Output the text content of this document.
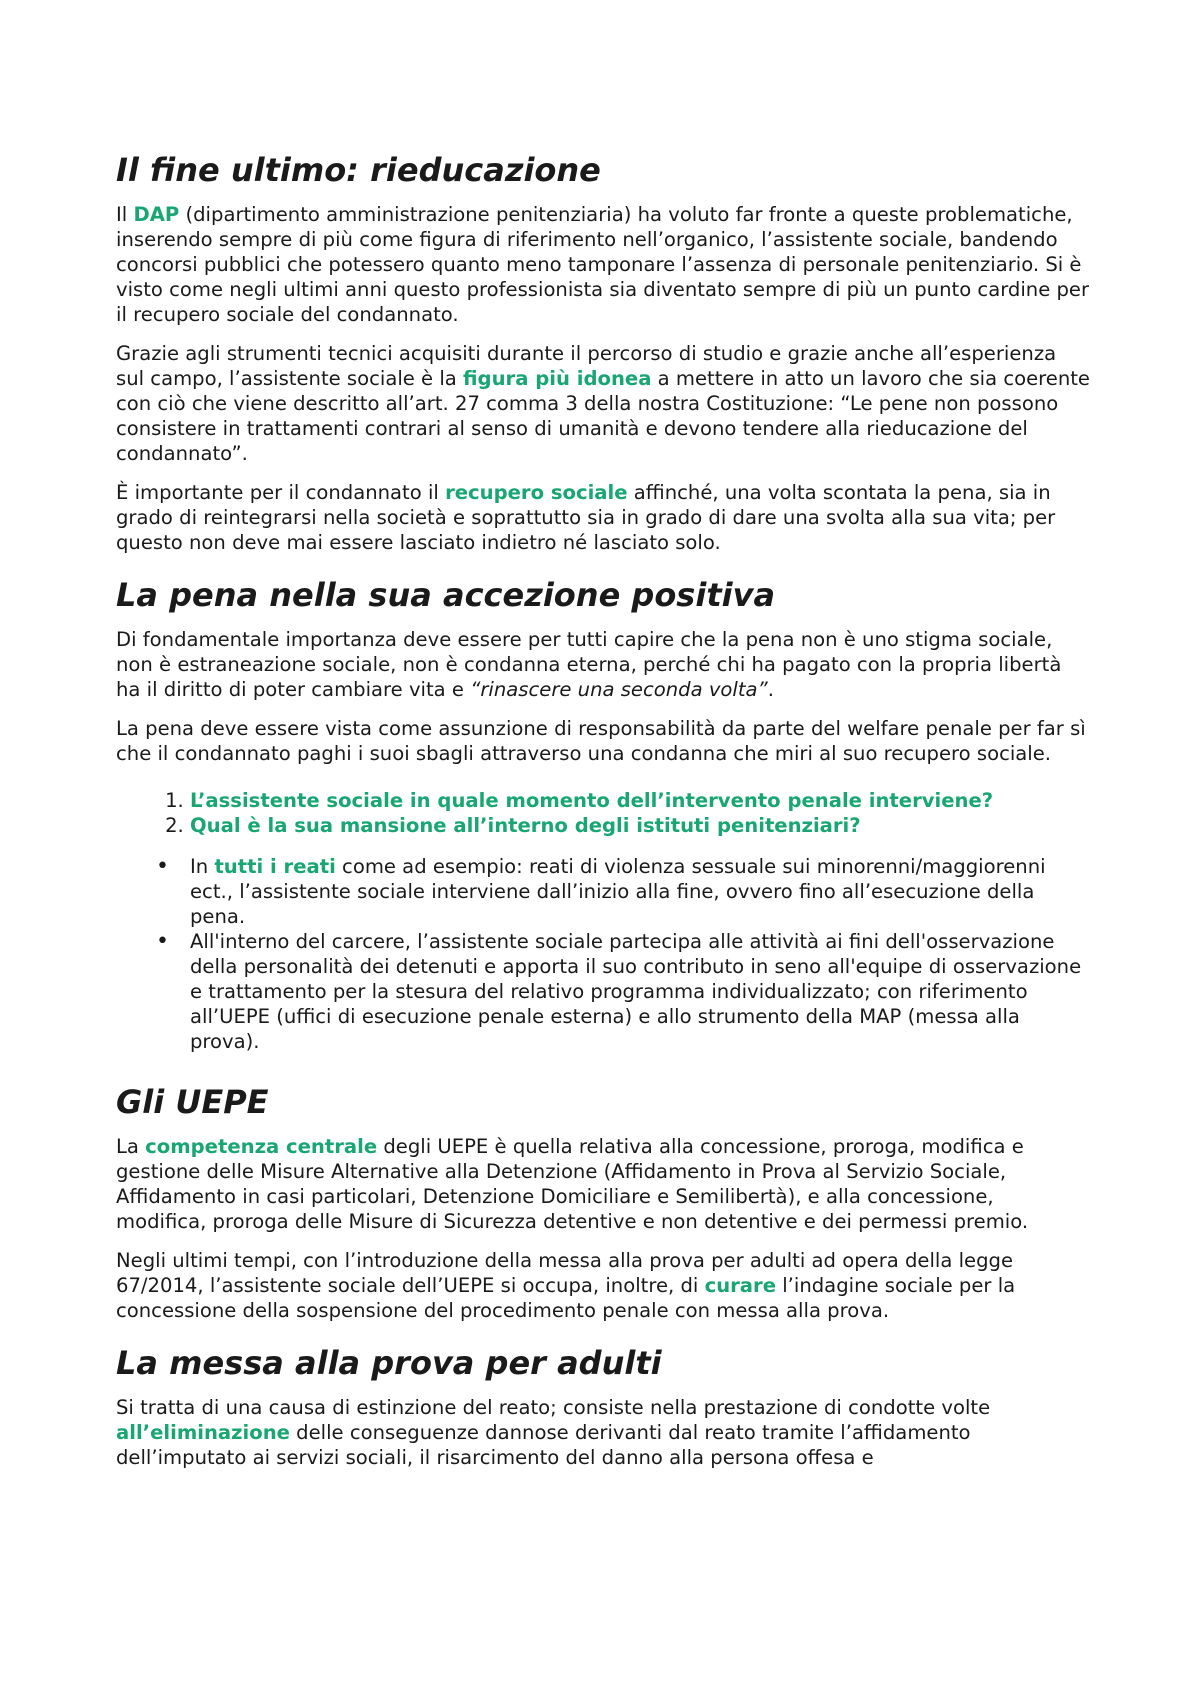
Il fine ultimo: rieducazione

Il DAP (dipartimento amministrazione penitenziaria) ha voluto far fronte a queste problematiche, inserendo sempre di più come figura di riferimento nell’organico, l’assistente sociale, bandendo concorsi pubblici che potessero quanto meno tamponare l’assenza di personale penitenziario. Si è visto come negli ultimi anni questo professionista sia diventato sempre di più un punto cardine per il recupero sociale del condannato.

Grazie agli strumenti tecnici acquisiti durante il percorso di studio e grazie anche all’esperienza sul campo, l’assistente sociale è la figura più idonea a mettere in atto un lavoro che sia coerente con ciò che viene descritto all’art. 27 comma 3 della nostra Costituzione: “Le pene non possono consistere in trattamenti contrari al senso di umanità e devono tendere alla rieducazione del condannato”.

È importante per il condannato il recupero sociale affinché, una volta scontata la pena, sia in grado di reintegrarsi nella società e soprattutto sia in grado di dare una svolta alla sua vita; per questo non deve mai essere lasciato indietro né lasciato solo.

La pena nella sua accezione positiva

Di fondamentale importanza deve essere per tutti capire che la pena non è uno stigma sociale, non è estraneazione sociale, non è condanna eterna, perché chi ha pagato con la propria libertà ha il diritto di poter cambiare vita e “rinascere una seconda volta”.

La pena deve essere vista come assunzione di responsabilità da parte del welfare penale per far sì che il condannato paghi i suoi sbagli attraverso una condanna che miri al suo recupero sociale.

1. L’assistente sociale in quale momento dell’intervento penale interviene?
2. Qual è la sua mansione all’interno degli istituti penitenziari?
• In tutti i reati come ad esempio: reati di violenza sessuale sui minorenni/maggiorenni ect., l’assistente sociale interviene dall’inizio alla fine, ovvero fino all’esecuzione della pena.
• All'interno del carcere, l’assistente sociale partecipa alle attività ai fini dell'osservazione della personalità dei detenuti e apporta il suo contributo in seno all'equipe di osservazione e trattamento per la stesura del relativo programma individualizzato; con riferimento all’UEPE (uffici di esecuzione penale esterna) e allo strumento della MAP (messa alla prova).
Gli UEPE

La competenza centrale degli UEPE è quella relativa alla concessione, proroga, modifica e gestione delle Misure Alternative alla Detenzione (Affidamento in Prova al Servizio Sociale, Affidamento in casi particolari, Detenzione Domiciliare e Semilibertà), e alla concessione, modifica, proroga delle Misure di Sicurezza detentive e non detentive e dei permessi premio.

Negli ultimi tempi, con l’introduzione della messa alla prova per adulti ad opera della legge 67/2014, l’assistente sociale dell’UEPE si occupa, inoltre, di curare l’indagine sociale per la concessione della sospensione del procedimento penale con messa alla prova.

La messa alla prova per adulti

Si tratta di una causa di estinzione del reato; consiste nella prestazione di condotte volte all’eliminazione delle conseguenze dannose derivanti dal reato tramite l’affidamento dell’imputato ai servizi sociali, il risarcimento del danno alla persona offesa e
